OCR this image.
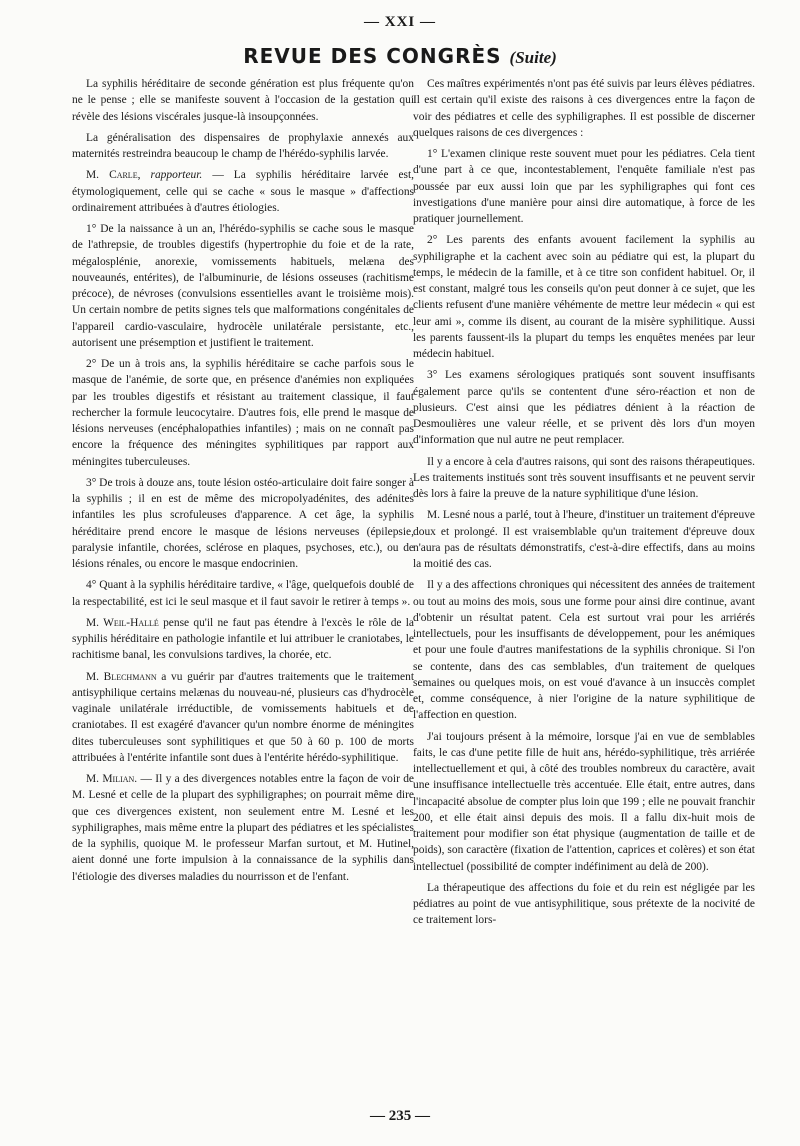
— XXI —
REVUE DES CONGRÈS (Suite)

La syphilis héréditaire de seconde génération est plus fréquente qu'on ne le pense ; elle se manifeste souvent à l'occasion de la gestation qui révèle des lésions viscérales jusque-là insoupçonnées.

La généralisation des dispensaires de prophylaxie annexés aux maternités restreindra beaucoup le champ de l'hérédo-syphilis larvée.

M. Carle, rapporteur. — La syphilis héréditaire larvée est, étymologiquement, celle qui se cache « sous le masque » d'affections ordinairement attribuées à d'autres étiologies.

1° De la naissance à un an, l'hérédo-syphilis se cache sous le masque de l'athrepsie, de troubles digestifs (hypertrophie du foie et de la rate, mégalosplénie, anorexie, vomissements habituels, melæna des nouveaunés, entérites), de l'albuminurie, de lésions osseuses (rachitisme précoce), de névroses (convulsions essentielles avant le troisième mois). Un certain nombre de petits signes tels que malformations congénitales de l'appareil cardio-vasculaire, hydrocèle unilatérale persistante, etc., autorisent une présemption et justifient le traitement.

2° De un à trois ans, la syphilis héréditaire se cache parfois sous le masque de l'anémie, de sorte que, en présence d'anémies non expliquées par les troubles digestifs et résistant au traitement classique, il faut rechercher la formule leucocytaire. D'autres fois, elle prend le masque de lésions nerveuses (encéphalopathies infantiles) ; mais on ne connaît pas encore la fréquence des méningites syphilitiques par rapport aux méningites tuberculeuses.

3° De trois à douze ans, toute lésion ostéo-articulaire doit faire songer à la syphilis ; il en est de même des micropolyadénites, des adénites infantiles les plus scrofuleuses d'apparence. A cet âge, la syphilis héréditaire prend encore le masque de lésions nerveuses (épilepsie, paralysie infantile, chorées, sclérose en plaques, psychoses, etc.), ou de lésions rénales, ou encore le masque endocrinien.

4° Quant à la syphilis héréditaire tardive, « l'âge, quelquefois doublé de la respectabilité, est ici le seul masque et il faut savoir le retirer à temps ».

M. Weil-Hallé pense qu'il ne faut pas étendre à l'excès le rôle de la syphilis héréditaire en pathologie infantile et lui attribuer le craniotabes, le rachitisme banal, les convulsions tardives, la chorée, etc.

M. Blechmann a vu guérir par d'autres traitements que le traitement antisyphilique certains melænas du nouveau-né, plusieurs cas d'hydrocèle vaginale unilatérale irréductible, de vomissements habituels et de craniotabes. Il est exagéré d'avancer qu'un nombre énorme de méningites dites tuberculeuses sont syphilitiques et que 50 à 60 p. 100 de morts attribuées à l'entérite infantile sont dues à l'entérite hérédo-syphilitique.

M. Milian. — Il y a des divergences notables entre la façon de voir de M. Lesné et celle de la plupart des syphiligraphes; on pourrait même dire que ces divergences existent, non seulement entre M. Lesné et les syphiligraphes, mais même entre la plupart des pédiatres et les spécialistes de la syphilis, quoique M. le professeur Marfan surtout, et M. Hutinel, aient donné une forte impulsion à la connaissance de la syphilis dans l'étiologie des diverses maladies du nourrisson et de l'enfant.

Ces maîtres expérimentés n'ont pas été suivis par leurs élèves pédiatres. Il est certain qu'il existe des raisons à ces divergences entre la façon de voir des pédiatres et celle des syphiligraphes. Il est possible de discerner quelques raisons de ces divergences :

1° L'examen clinique reste souvent muet pour les pédiatres. Cela tient d'une part à ce que, incontestablement, l'enquête familiale n'est pas poussée par eux aussi loin que par les syphiligraphes qui font ces investigations d'une manière pour ainsi dire automatique, à force de les pratiquer journellement.

2° Les parents des enfants avouent facilement la syphilis au syphiligraphe et la cachent avec soin au pédiatre qui est, la plupart du temps, le médecin de la famille, et à ce titre son confident habituel. Or, il est constant, malgré tous les conseils qu'on peut donner à ce sujet, que les clients refusent d'une manière véhémente de mettre leur médecin « qui est leur ami », comme ils disent, au courant de la misère syphilitique. Aussi les parents faussent-ils la plupart du temps les enquêtes menées par leur médecin habituel.

3° Les examens sérologiques pratiqués sont souvent insuffisants également parce qu'ils se contentent d'une séro-réaction et non de plusieurs. C'est ainsi que les pédiatres dénient à la réaction de Desmoulières une valeur réelle, et se privent dès lors d'un moyen d'information que nul autre ne peut remplacer.

Il y a encore à cela d'autres raisons, qui sont des raisons thérapeutiques. Les traitements institués sont très souvent insuffisants et ne peuvent servir dès lors à faire la preuve de la nature syphilitique d'une lésion.

M. Lesné nous a parlé, tout à l'heure, d'instituer un traitement d'épreuve doux et prolongé. Il est vraisemblable qu'un traitement d'épreuve doux n'aura pas de résultats démonstratifs, c'est-à-dire effectifs, dans au moins la moitié des cas.

Il y a des affections chroniques qui nécessitent des années de traitement ou tout au moins des mois, sous une forme pour ainsi dire continue, avant d'obtenir un résultat patent. Cela est surtout vrai pour les arriérés intellectuels, pour les insuffisants de développement, pour les anémiques et pour une foule d'autres manifestations de la syphilis chronique. Si l'on se contente, dans des cas semblables, d'un traitement de quelques semaines ou quelques mois, on est voué d'avance à un insuccès complet et, comme conséquence, à nier l'origine de la nature syphilitique de l'affection en question.

J'ai toujours présent à la mémoire, lorsque j'ai en vue de semblables faits, le cas d'une petite fille de huit ans, hérédo-syphilitique, très arriérée intellectuellement et qui, à côté des troubles nombreux du caractère, avait une insuffisance intellectuelle très accentuée. Elle était, entre autres, dans l'incapacité absolue de compter plus loin que 199 ; elle ne pouvait franchir 200, et elle était ainsi depuis des mois. Il a fallu dix-huit mois de traitement pour modifier son état physique (augmentation de taille et de poids), son caractère (fixation de l'attention, caprices et colères) et son état intellectuel (possibilité de compter indéfiniment au delà de 200).

La thérapeutique des affections du foie et du rein est négligée par les pédiatres au point de vue antisyphilitique, sous prétexte de la nocivité de ce traitement lors-

— 235 —
